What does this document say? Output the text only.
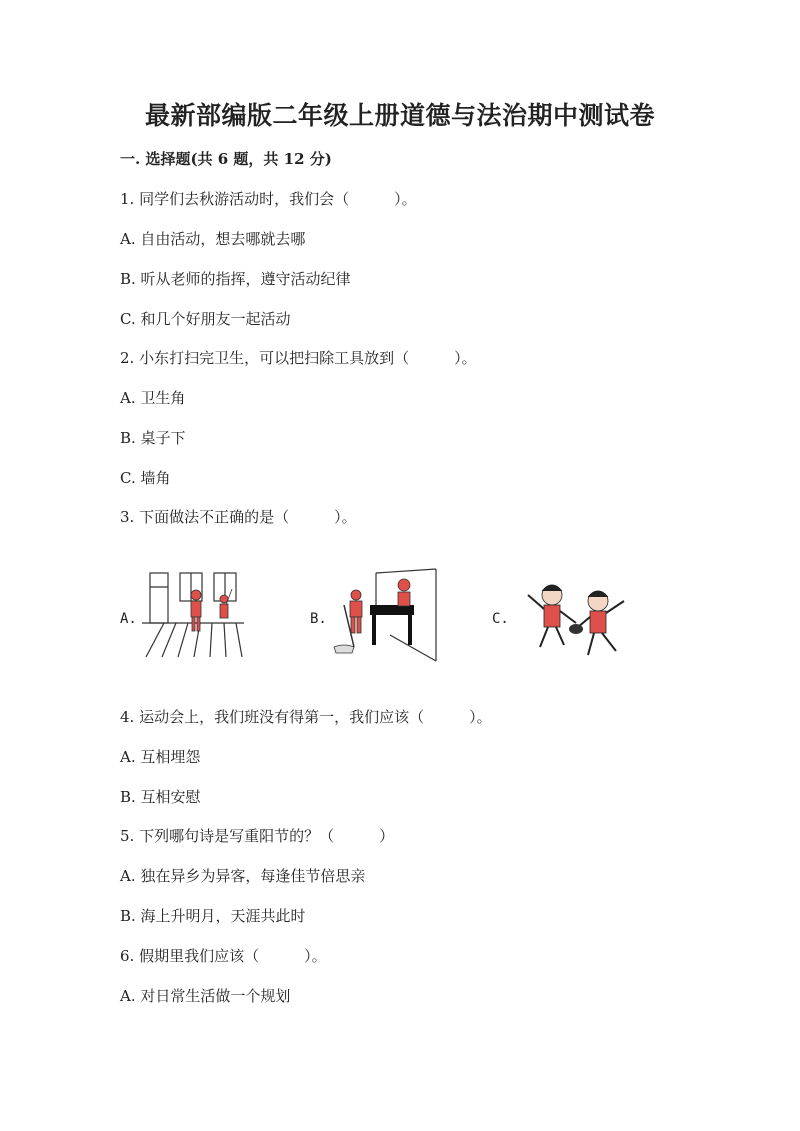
最新部编版二年级上册道德与法治期中测试卷
一. 选择题(共 6 题，共 12 分)
1. 同学们去秋游活动时，我们会（　　　）。
A. 自由活动，想去哪就去哪
B. 听从老师的指挥，遵守活动纪律
C. 和几个好朋友一起活动
2. 小东打扫完卫生，可以把扫除工具放到（　　　）。
A. 卫生角
B. 桌子下
C. 墙角
3. 下面做法不正确的是（　　　）。
A.	B.	C.
4. 运动会上，我们班没有得第一，我们应该（　　　）。
A. 互相埋怨
B. 互相安慰
5. 下列哪句诗是写重阳节的？（　　　）
A. 独在异乡为异客，每逢佳节倍思亲
B. 海上升明月，天涯共此时
6. 假期里我们应该（　　　）。
A. 对日常生活做一个规划
